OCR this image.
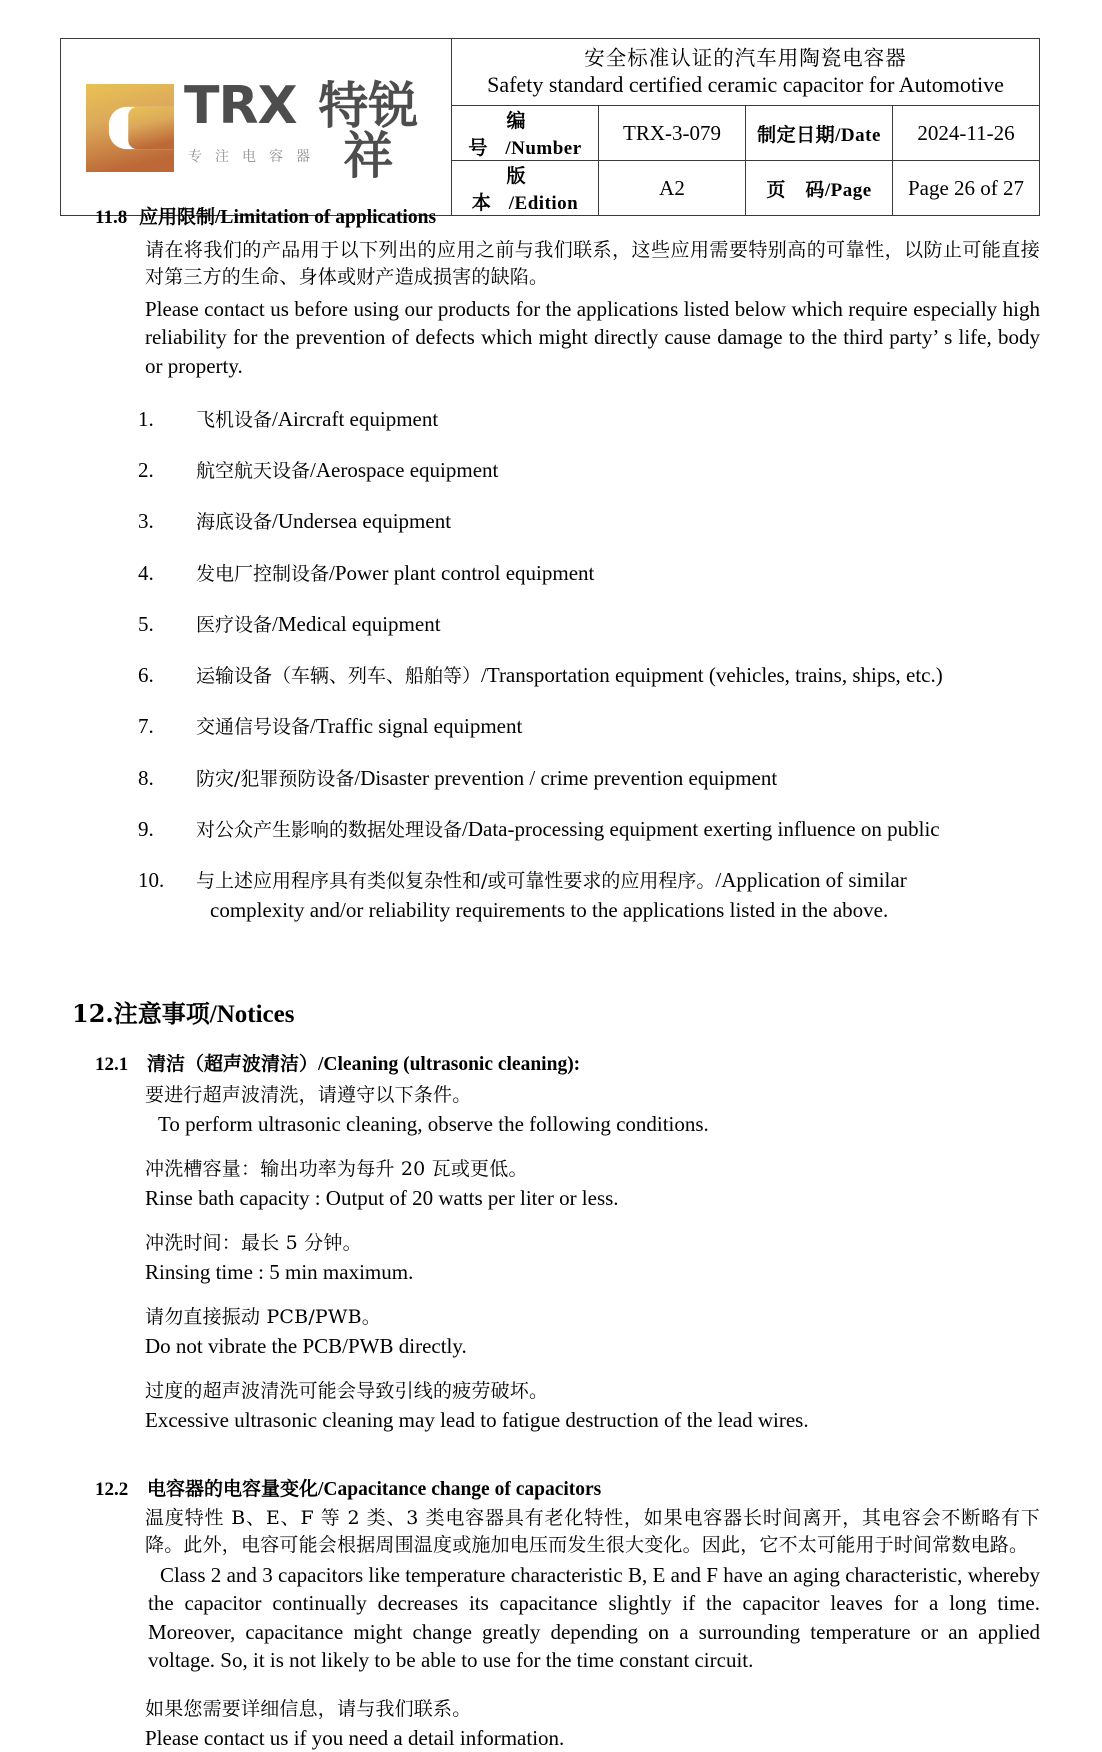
TRX 特锐祥
专注电容器

安全标准认证的汽车用陶瓷电容器
Safety standard certified ceramic capacitor for Automotive

	编　号/Number	TRX-3-079	制定日期/Date	2024-11-26
	版　本/Edition	A2	页　码/Page	Page 26 of 27
11.8 应用限制/Limitation of applications
请在将我们的产品用于以下列出的应用之前与我们联系，这些应用需要特别高的可靠性，以防止可能直接对第三方的生命、身体或财产造成损害的缺陷。
Please contact us before using our products for the applications listed below which require especially high reliability for the prevention of defects which might directly cause damage to the third party’ s life, body or property.
1.	飞机设备/Aircraft equipment
2.	航空航天设备/Aerospace equipment
3.	海底设备/Undersea equipment
4.	发电厂控制设备/Power plant control equipment
5.	医疗设备/Medical equipment
6.	运输设备（车辆、列车、船舶等）/Transportation equipment (vehicles, trains, ships, etc.)
7.	交通信号设备/Traffic signal equipment
8.	防灾/犯罪预防设备/Disaster prevention / crime prevention equipment
9.	对公众产生影响的数据处理设备/Data-processing equipment exerting influence on public
10.	与上述应用程序具有类似复杂性和/或可靠性要求的应用程序。/Application of similar
complexity and/or reliability requirements to the applications listed in the above.
12.注意事项/Notices
12.1 清洁（超声波清洁）/Cleaning (ultrasonic cleaning):
要进行超声波清洗，请遵守以下条件。
To perform ultrasonic cleaning, observe the following conditions.
冲洗槽容量：输出功率为每升 20 瓦或更低。
Rinse bath capacity : Output of 20 watts per liter or less.
冲洗时间：最长 5 分钟。
Rinsing time : 5 min maximum.
请勿直接振动 PCB/PWB。
Do not vibrate the PCB/PWB directly.
过度的超声波清洗可能会导致引线的疲劳破坏。
Excessive ultrasonic cleaning may lead to fatigue destruction of the lead wires.
12.2 电容器的电容量变化/Capacitance change of capacitors
温度特性 B、E、F 等 2 类、3 类电容器具有老化特性，如果电容器长时间离开，其电容会不断略有下降。此外，电容可能会根据周围温度或施加电压而发生很大变化。因此，它不太可能用于时间常数电路。
Class 2 and 3 capacitors like temperature characteristic B, E and F have an aging characteristic, whereby the capacitor continually decreases its capacitance slightly if the capacitor leaves for a long time. Moreover, capacitance might change greatly depending on a surrounding temperature or an applied voltage. So, it is not likely to be able to use for the time constant circuit.
如果您需要详细信息，请与我们联系。
Please contact us if you need a detail information.
